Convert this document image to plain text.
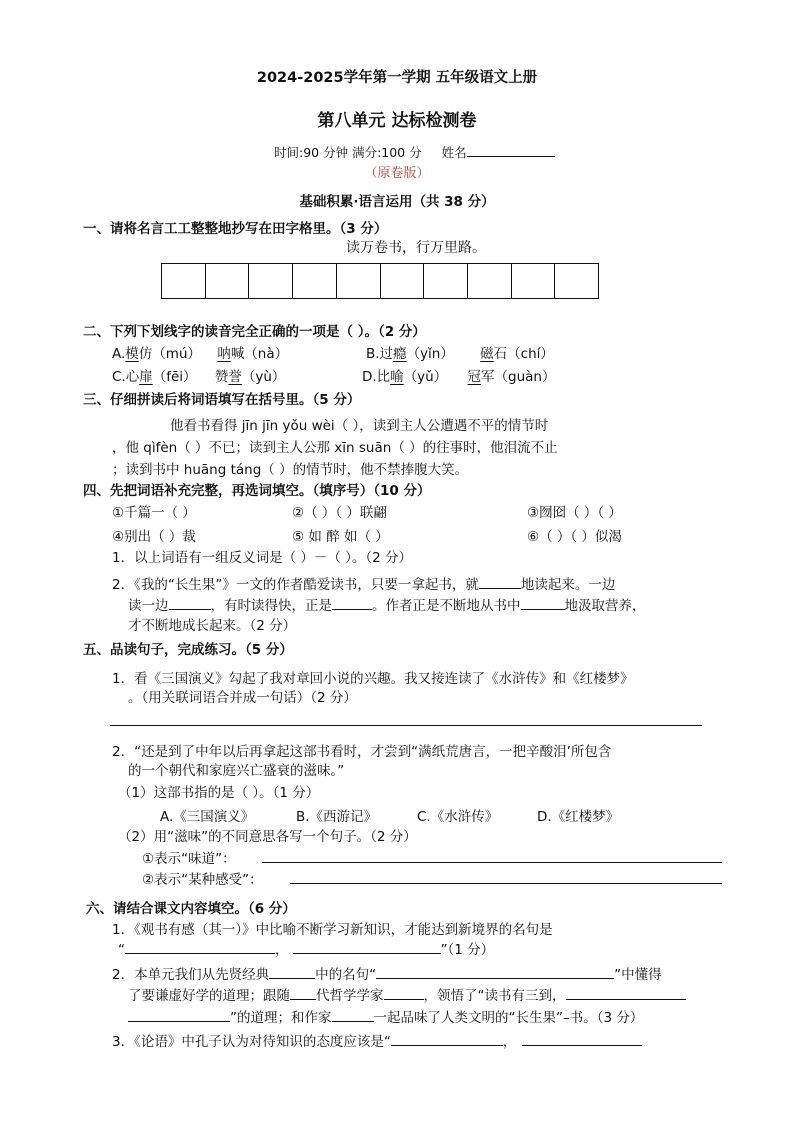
2024-2025学年第一学期 五年级语文上册
第八单元 达标检测卷
时间:90 分钟 满分:100 分 姓名
（原卷版）
基础积累·语言运用（共 38 分）
一、请将名言工工整整地抄写在田字格里。（3 分）
读万卷书，行万里路。
二、下列下划线字的读音完全正确的一项是（ ）。（2 分）
A.模仿（mú） 呐喊（nà）	B.过瘾（yǐn） 磁石（chí）
C.心扉（fēi） 赞誉（yù）	D.比喻（yǔ） 冠军（guàn）
三、仔细拼读后将词语填写在括号里。（5 分）
他看书看得 jīn jīn yǒu wèi（ ），读到主人公遭遇不平的情节时
，他 qìfèn（ ）不已；读到主人公那 xīn suān（ ）的往事时，他泪流不止
；读到书中 huāng táng（ ）的情节时，他不禁捧腹大笑。
四、先把词语补充完整，再选词填空。（填序号）（10 分）
①千篇一（ ）	②（ ）（ ）联翩	③囫囵（ ）（ ）
④别出（ ）裁	⑤ 如 醉 如（ ）	⑥（ ）（ ）似渴
1．以上词语有一组反义词是（ ）－（ ）。（2 分）
2．《我的“长生果”》一文的作者酷爱读书，只要一拿起书，就	地读起来。一边
读一边	，有时读得快，正是	。作者正是不断地从书中	地汲取营养，
才不断地成长起来。（2 分）
五、品读句子，完成练习。（5 分）
1．看《三国演义》勾起了我对章回小说的兴趣。我又接连读了《水浒传》和《红楼梦》
。（用关联词语合并成一句话）（2 分）
2．“还是到了中年以后再拿起这部书看时，才尝到“满纸荒唐言，一把辛酸泪’所包含
的一个朝代和家庭兴亡盛衰的滋味。”
（1）这部书指的是（ ）。（1 分）
A.《三国演义》	B.《西游记》	C.《水浒传》	D.《红楼梦》
（2）用“滋味”的不同意思各写一个句子。（2 分）
①表示“味道”：
②表示“某种感受”：
六、请结合课文内容填空。（6 分）
1．《观书有感（其一）》中比喻不断学习新知识，才能达到新境界的名句是
“	，	”（1 分）
2．本单元我们从先贤经典	中的名句“	”中懂得
了要谦虚好学的道理；跟随 代哲学学家	，领悟了“读书有三到，
”的道理；和作家	一起品味了人类文明的“长生果”–书。（3 分）
3．《论语》中孔子认为对待知识的态度应该是“	，
